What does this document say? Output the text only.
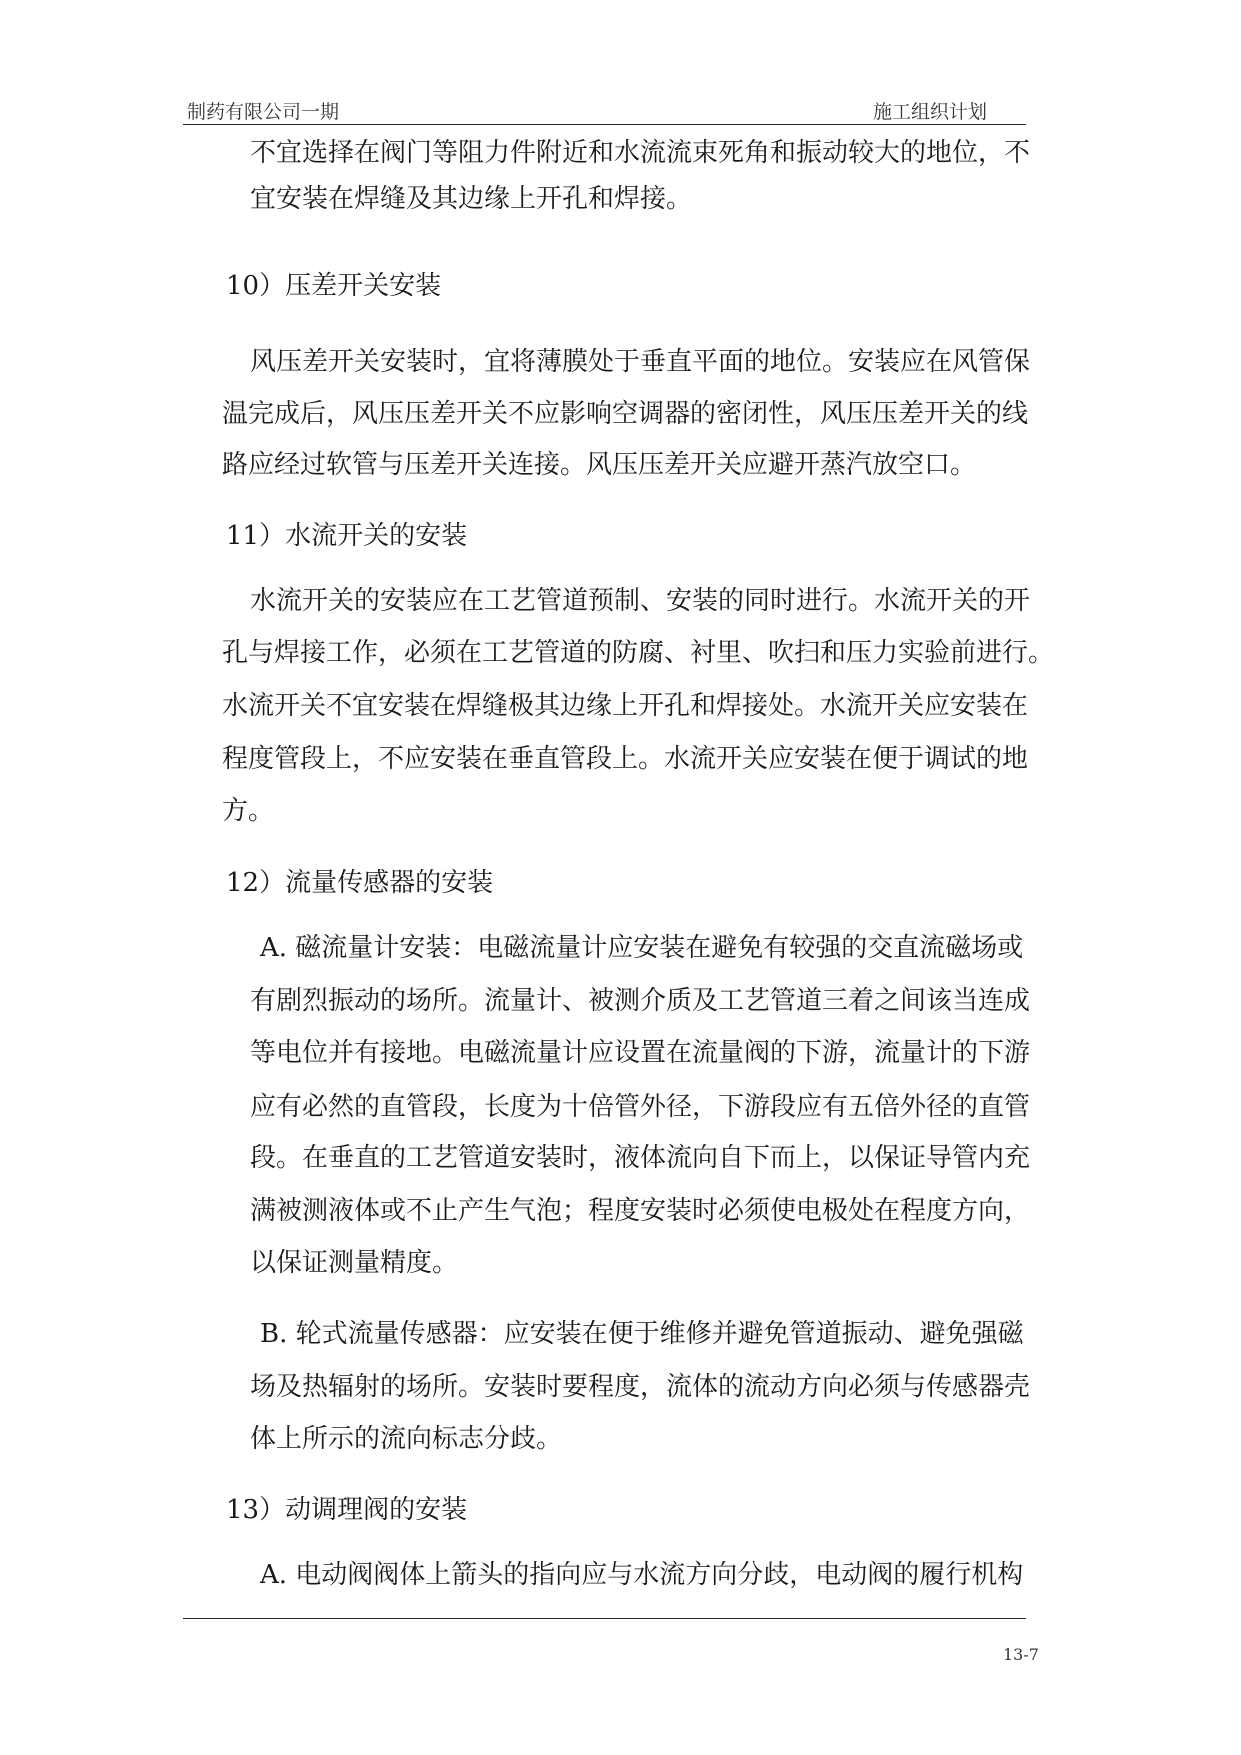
制药有限公司一期	施工组织计划
不宜选择在阀门等阻力件附近和水流流束死角和振动较大的地位，不
宜安装在焊缝及其边缘上开孔和焊接。
10）压差开关安装
风压差开关安装时，宜将薄膜处于垂直平面的地位。安装应在风管保
温完成后，风压压差开关不应影响空调器的密闭性，风压压差开关的线
路应经过软管与压差开关连接。风压压差开关应避开蒸汽放空口。
11）水流开关的安装
水流开关的安装应在工艺管道预制、安装的同时进行。水流开关的开
孔与焊接工作，必须在工艺管道的防腐、衬里、吹扫和压力实验前进行。
水流开关不宜安装在焊缝极其边缘上开孔和焊接处。水流开关应安装在
程度管段上，不应安装在垂直管段上。水流开关应安装在便于调试的地
方。
12）流量传感器的安装
A. 磁流量计安装：电磁流量计应安装在避免有较强的交直流磁场或
有剧烈振动的场所。流量计、被测介质及工艺管道三着之间该当连成
等电位并有接地。电磁流量计应设置在流量阀的下游，流量计的下游
应有必然的直管段，长度为十倍管外径，下游段应有五倍外径的直管
段。在垂直的工艺管道安装时，液体流向自下而上，以保证导管内充
满被测液体或不止产生气泡；程度安装时必须使电极处在程度方向，
以保证测量精度。
B. 轮式流量传感器：应安装在便于维修并避免管道振动、避免强磁
场及热辐射的场所。安装时要程度，流体的流动方向必须与传感器壳
体上所示的流向标志分歧。
13）动调理阀的安装
A. 电动阀阀体上箭头的指向应与水流方向分歧，电动阀的履行机构
13-7
